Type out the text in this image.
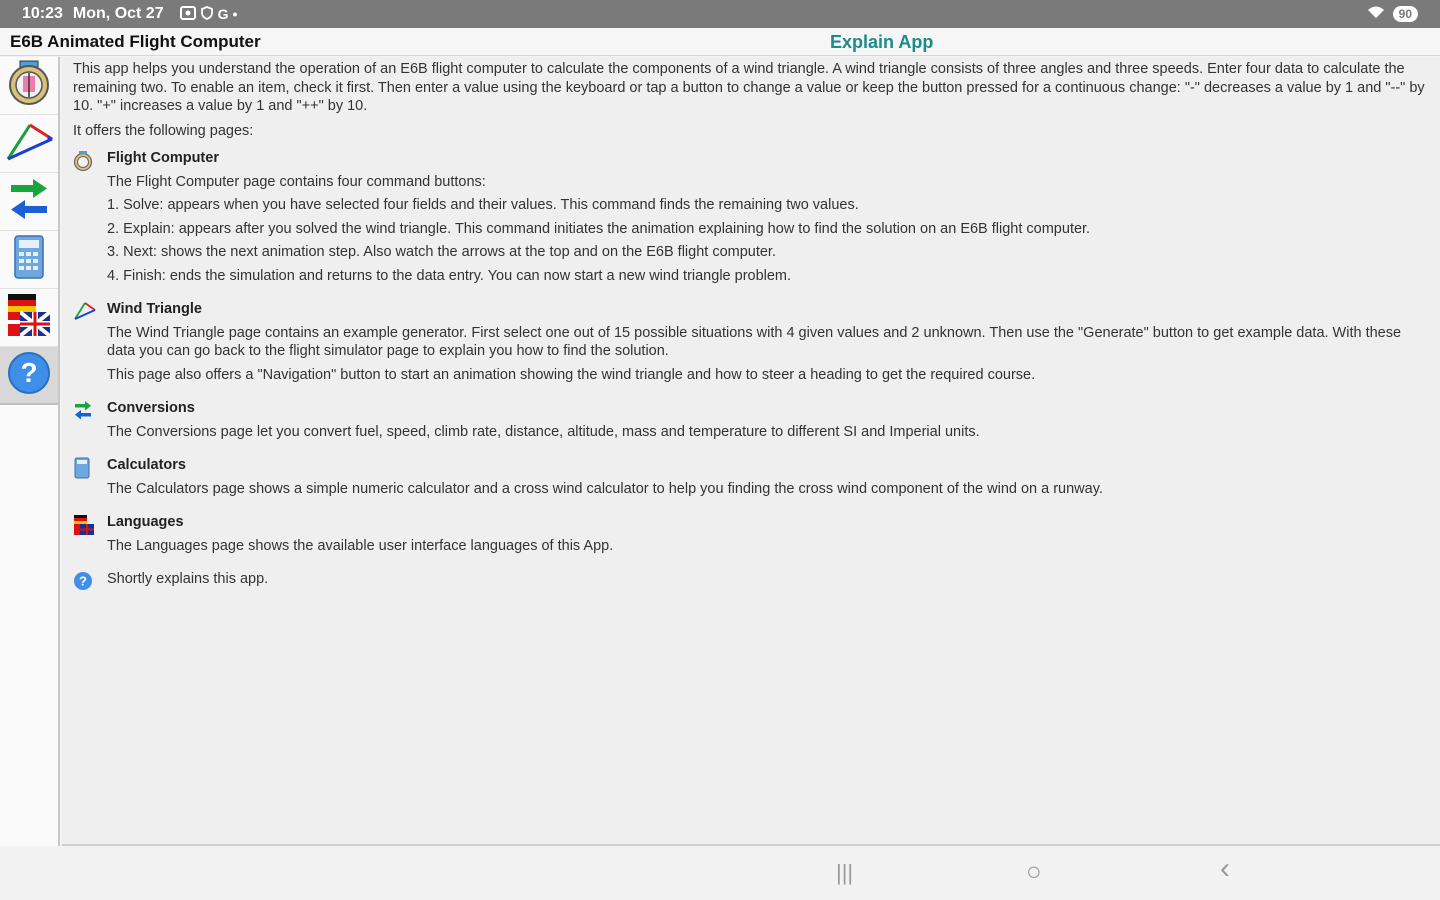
10:23 Mon, Oct 27	G •	90
E6B Animated Flight Computer	Explain App
?
This app helps you understand the operation of an E6B flight computer to calculate the components of a wind triangle. A wind triangle consists of three angles and three speeds. Enter four data to calculate the remaining two. To enable an item, check it first. Then enter a value using the keyboard or tap a button to change a value or keep the button pressed for a continuous change: "-" decreases a value by 1 and "--" by 10. "+" increases a value by 1 and "++" by 10.
It offers the following pages:
Flight Computer
The Flight Computer page contains four command buttons:
1. Solve: appears when you have selected four fields and their values. This command finds the remaining two values.
2. Explain: appears after you solved the wind triangle. This command initiates the animation explaining how to find the solution on an E6B flight computer.
3. Next: shows the next animation step. Also watch the arrows at the top and on the E6B flight computer.
4. Finish: ends the simulation and returns to the data entry. You can now start a new wind triangle problem.
Wind Triangle
The Wind Triangle page contains an example generator. First select one out of 15 possible situations with 4 given values and 2 unknown. Then use the "Generate" button to get example data. With these data you can go back to the flight simulator page to explain you how to find the solution.
This page also offers a "Navigation" button to start an animation showing the wind triangle and how to steer a heading to get the required course.
Conversions
The Conversions page let you convert fuel, speed, climb rate, distance, altitude, mass and temperature to different SI and Imperial units.
Calculators
The Calculators page shows a simple numeric calculator and a cross wind calculator to help you finding the cross wind component of the wind on a runway.
Languages
The Languages page shows the available user interface languages of this App.
? Shortly explains this app.
|||	○	‹
